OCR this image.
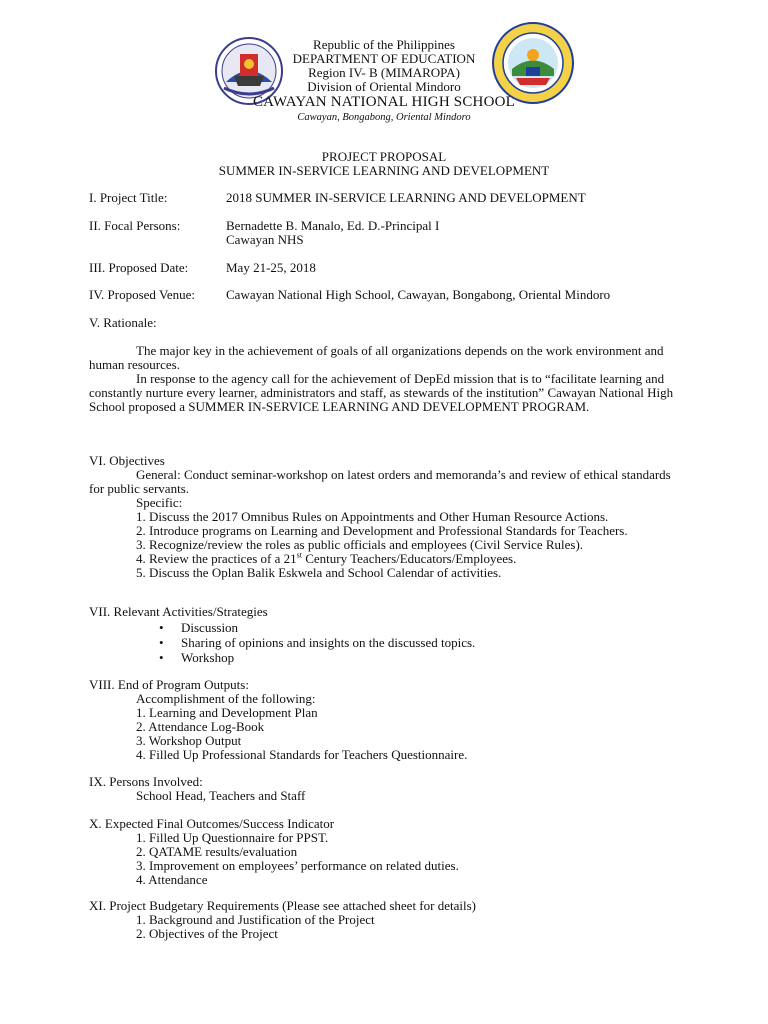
Republic of the Philippines
DEPARTMENT OF EDUCATION
Region IV- B (MIMAROPA)
Division of Oriental Mindoro
CAWAYAN NATIONAL HIGH SCHOOL
Cawayan, Bongabong, Oriental Mindoro
PROJECT PROPOSAL
SUMMER IN-SERVICE LEARNING AND DEVELOPMENT
I. Project Title:	2018 SUMMER IN-SERVICE LEARNING AND DEVELOPMENT
II. Focal Persons:	Bernadette B. Manalo, Ed. D.-Principal I
Cawayan NHS
III. Proposed Date:	May 21-25, 2018
IV. Proposed Venue: Cawayan National High School, Cawayan, Bongabong, Oriental Mindoro
V. Rationale:
The major key in the achievement of goals of all organizations depends on the work environment and human resources.
In response to the agency call for the achievement of DepEd mission that is to “facilitate learning and constantly nurture every learner, administrators and staff, as stewards of the institution” Cawayan National High School proposed a SUMMER IN-SERVICE LEARNING AND DEVELOPMENT PROGRAM.
VI. Objectives
General: Conduct seminar-workshop on latest orders and memoranda’s and review of ethical standards for public servants.
Specific:
1. Discuss the 2017 Omnibus Rules on Appointments and Other Human Resource Actions.
2. Introduce programs on Learning and Development and Professional Standards for Teachers.
3. Recognize/review the roles as public officials and employees (Civil Service Rules).
4. Review the practices of a 21st Century Teachers/Educators/Employees.
5. Discuss the Oplan Balik Eskwela and School Calendar of activities.
VII. Relevant Activities/Strategies
• Discussion
• Sharing of opinions and insights on the discussed topics.
• Workshop
VIII. End of Program Outputs:
Accomplishment of the following:
1. Learning and Development Plan
2. Attendance Log-Book
3. Workshop Output
4. Filled Up Professional Standards for Teachers Questionnaire.
IX. Persons Involved:
School Head, Teachers and Staff
X. Expected Final Outcomes/Success Indicator
1. Filled Up Questionnaire for PPST.
2. QATAME results/evaluation
3. Improvement on employees’ performance on related duties.
4. Attendance
XI. Project Budgetary Requirements (Please see attached sheet for details)
1. Background and Justification of the Project
2. Objectives of the Project
